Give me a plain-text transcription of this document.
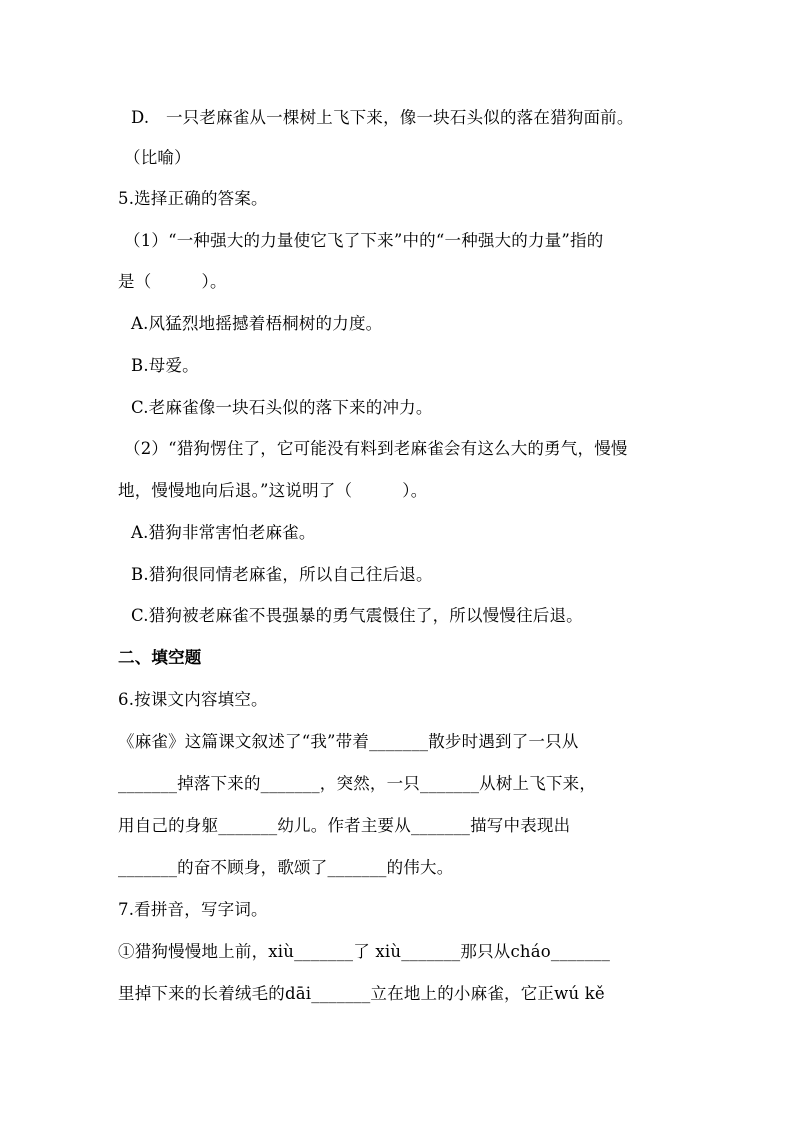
D.　一只老麻雀从一棵树上飞下来，像一块石头似的落在猎狗面前。
（比喻）
5.选择正确的答案。
（1）“一种强大的力量使它飞了下来”中的“一种强大的力量”指的
是（　　　）。
A.风猛烈地摇撼着梧桐树的力度。
B.母爱。
C.老麻雀像一块石头似的落下来的冲力。
（2）“猎狗愣住了，它可能没有料到老麻雀会有这么大的勇气，慢慢
地，慢慢地向后退。”这说明了（　　　）。
A.猎狗非常害怕老麻雀。
B.猎狗很同情老麻雀，所以自己往后退。
C.猎狗被老麻雀不畏强暴的勇气震慑住了，所以慢慢往后退。
二、填空题
6.按课文内容填空。
《麻雀》这篇课文叙述了“我”带着_______散步时遇到了一只从
_______掉落下来的_______，突然，一只_______从树上飞下来，
用自己的身躯_______幼儿。作者主要从_______描写中表现出
_______的奋不顾身，歌颂了_______的伟大。
7.看拼音，写字词。
①猎狗慢慢地上前，xiù_______了 xiù_______那只从cháo_______
里掉下来的长着绒毛的dāi_______立在地上的小麻雀，它正wú kě
